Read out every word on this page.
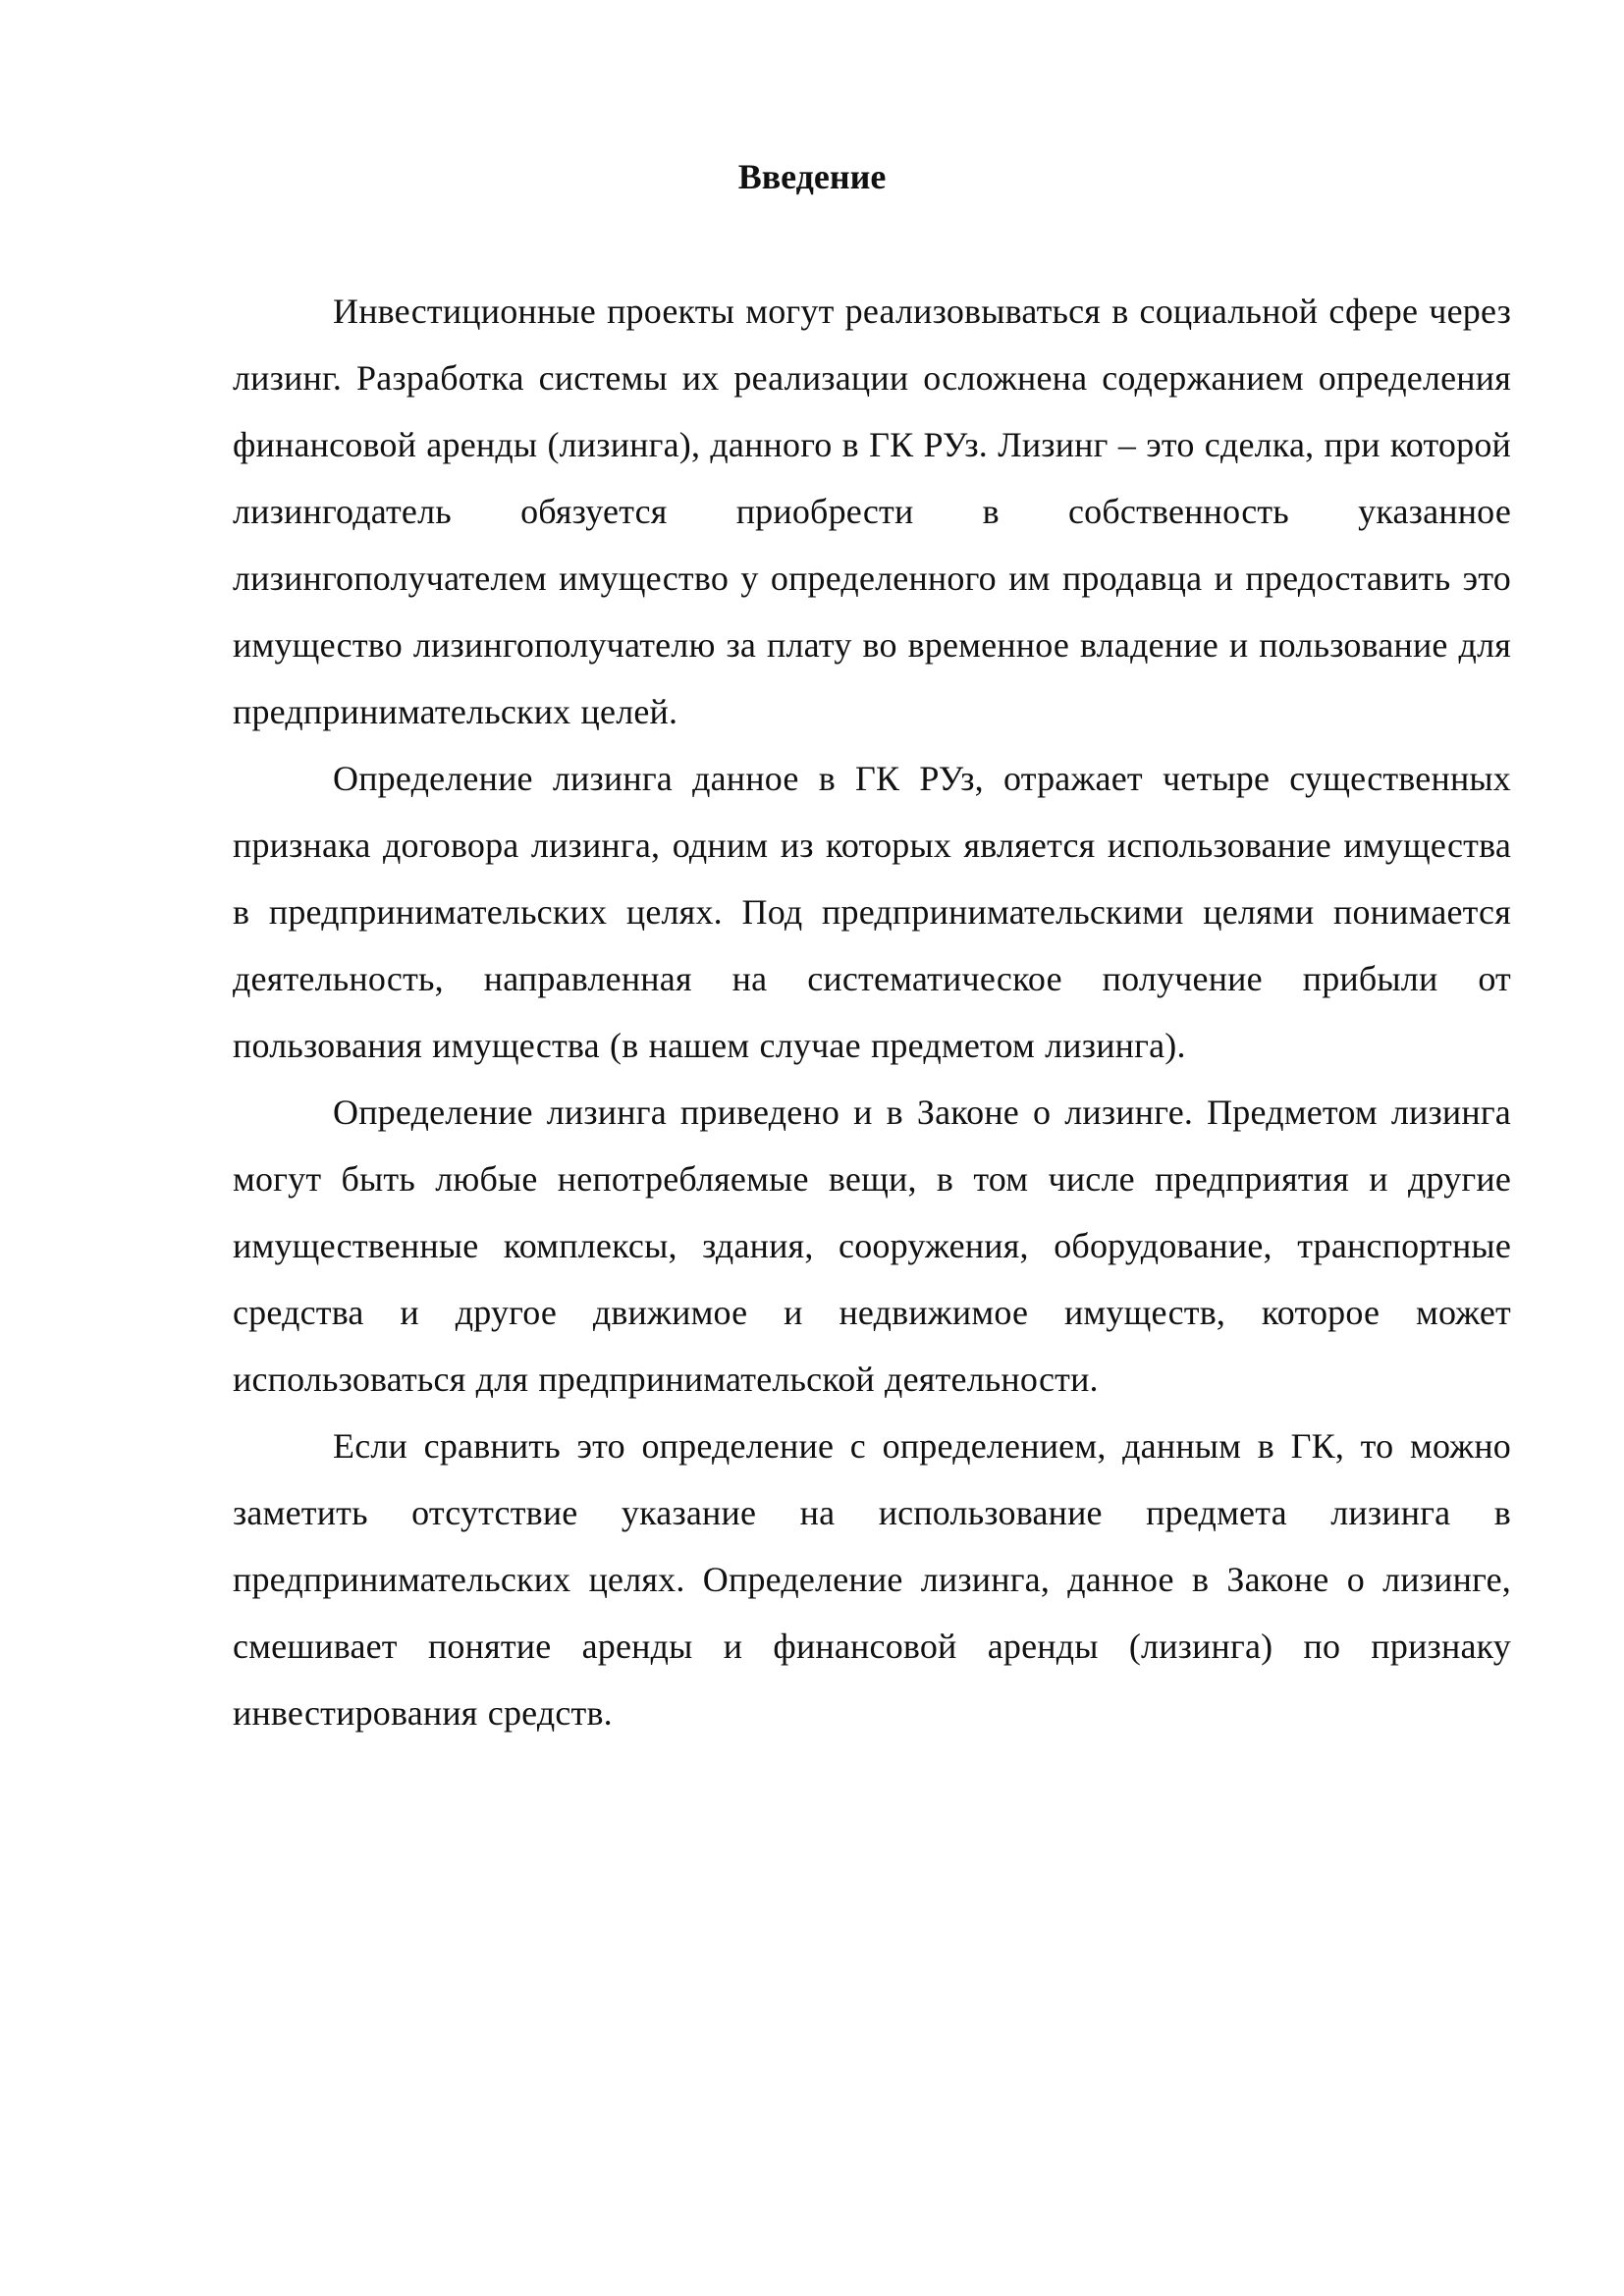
Введение

Инвестиционные проекты могут реализовываться в социальной сфере через лизинг. Разработка системы их реализации осложнена содержанием определения финансовой аренды (лизинга), данного в ГК РУз. Лизинг – это сделка, при которой лизингодатель обязуется приобрести в собственность указанное лизингополучателем имущество у определенного им продавца и предоставить это имущество лизингополучателю за плату во временное владение и пользование для предпринимательских целей.

Определение лизинга данное в ГК РУз, отражает четыре существенных признака договора лизинга, одним из которых является использование имущества в предпринимательских целях. Под предпринимательскими целями понимается деятельность, направленная на систематическое получение прибыли от пользования имущества (в нашем случае предметом лизинга).

Определение лизинга приведено и в Законе о лизинге. Предметом лизинга могут быть любые непотребляемые вещи, в том числе предприятия и другие имущественные комплексы, здания, сооружения, оборудование, транспортные средства и другое движимое и недвижимое имуществ, которое может использоваться для предпринимательской деятельности.

Если сравнить это определение с определением, данным в ГК, то можно заметить отсутствие указание на использование предмета лизинга в предпринимательских целях. Определение лизинга, данное в Законе о лизинге, смешивает понятие аренды и финансовой аренды (лизинга) по признаку инвестирования средств.
